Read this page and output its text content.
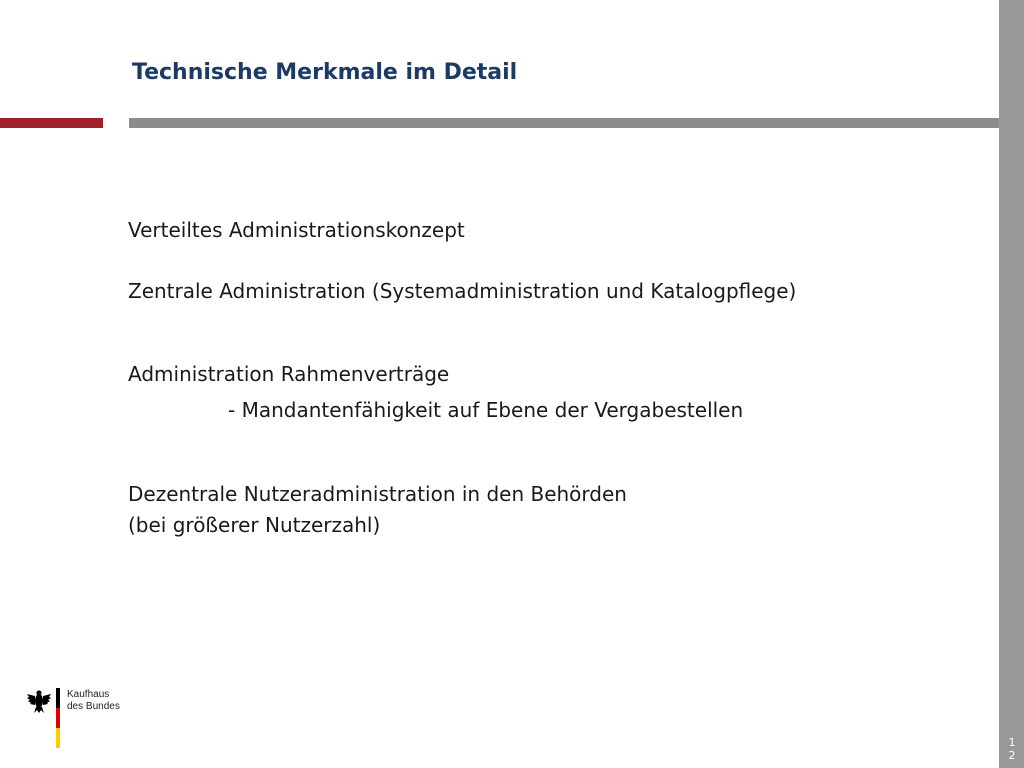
Technische Merkmale im Detail
12

Verteiltes Administrationskonzept

Zentrale Administration (Systemadministration und Katalogpflege)

Administration Rahmenverträge

- Mandantenfähigkeit auf Ebene der Vergabestellen

Dezentrale Nutzeradministration in den Behörden

(bei größerer Nutzerzahl)

Kaufhaus
des Bundes
